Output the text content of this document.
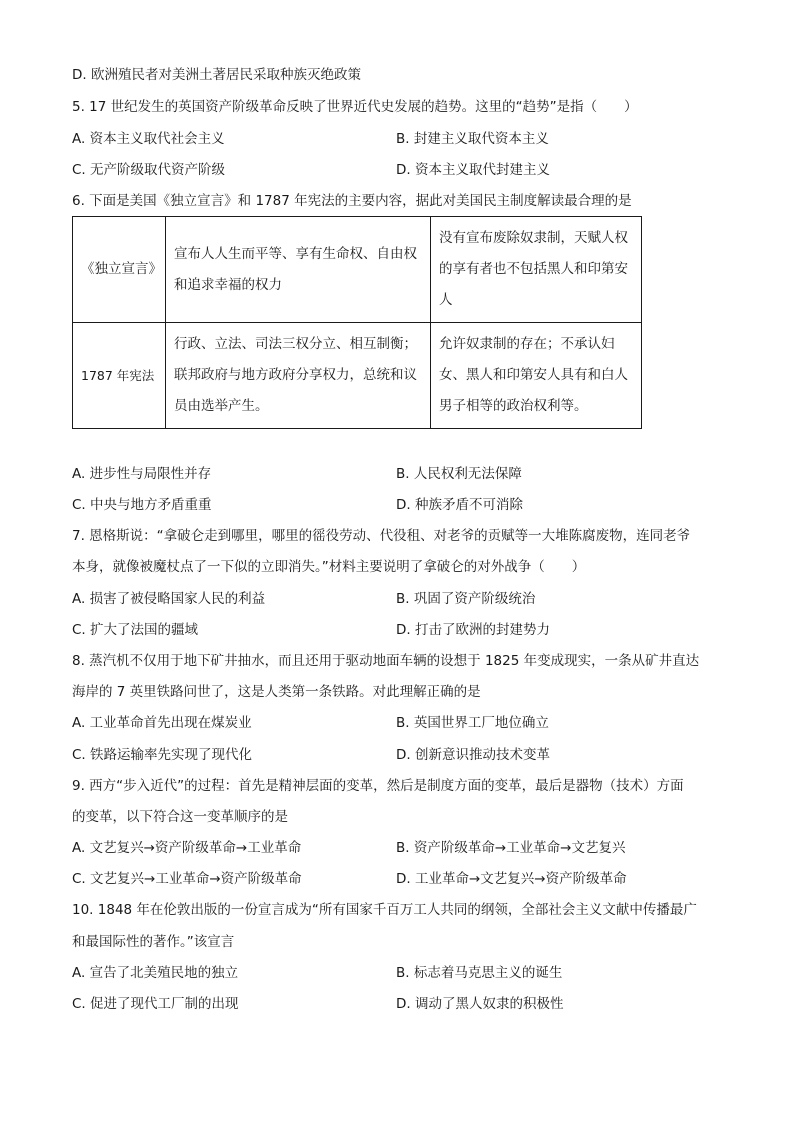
D. 欧洲殖民者对美洲土著居民采取种族灭绝政策
5. 17 世纪发生的英国资产阶级革命反映了世界近代史发展的趋势。这里的“趋势”是指（　　）
A. 资本主义取代社会主义	B. 封建主义取代资本主义
C. 无产阶级取代资产阶级	D. 资本主义取代封建主义
6. 下面是美国《独立宣言》和 1787 年宪法的主要内容，据此对美国民主制度解读最合理的是
《独立宣言》	宣布人人生而平等、享有生命权、自由权和追求幸福的权力	没有宣布废除奴隶制，天赋人权的享有者也不包括黑人和印第安人
1787 年宪法	行政、立法、司法三权分立、相互制衡；联邦政府与地方政府分享权力，总统和议员由选举产生。	允许奴隶制的存在；不承认妇女、黑人和印第安人具有和白人男子相等的政治权利等。
A. 进步性与局限性并存	B. 人民权利无法保障
C. 中央与地方矛盾重重	D. 种族矛盾不可消除
7. 恩格斯说：“拿破仑走到哪里，哪里的徭役劳动、代役租、对老爷的贡赋等一大堆陈腐废物，连同老爷
本身，就像被魔杖点了一下似的立即消失。”材料主要说明了拿破仑的对外战争（　　）
A. 损害了被侵略国家人民的利益	B. 巩固了资产阶级统治
C. 扩大了法国的疆域	D. 打击了欧洲的封建势力
8. 蒸汽机不仅用于地下矿井抽水，而且还用于驱动地面车辆的设想于 1825 年变成现实，一条从矿井直达
海岸的 7 英里铁路问世了，这是人类第一条铁路。对此理解正确的是
A. 工业革命首先出现在煤炭业	B. 英国世界工厂地位确立
C. 铁路运输率先实现了现代化	D. 创新意识推动技术变革
9. 西方“步入近代”的过程：首先是精神层面的变革，然后是制度方面的变革，最后是器物（技术）方面
的变革，以下符合这一变革顺序的是
A. 文艺复兴→资产阶级革命→工业革命	B. 资产阶级革命→工业革命→文艺复兴
C. 文艺复兴→工业革命→资产阶级革命	D. 工业革命→文艺复兴→资产阶级革命
10. 1848 年在伦敦出版的一份宣言成为“所有国家千百万工人共同的纲领，全部社会主义文献中传播最广
和最国际性的著作。”该宣言
A. 宣告了北美殖民地的独立	B. 标志着马克思主义的诞生
C. 促进了现代工厂制的出现	D. 调动了黑人奴隶的积极性
